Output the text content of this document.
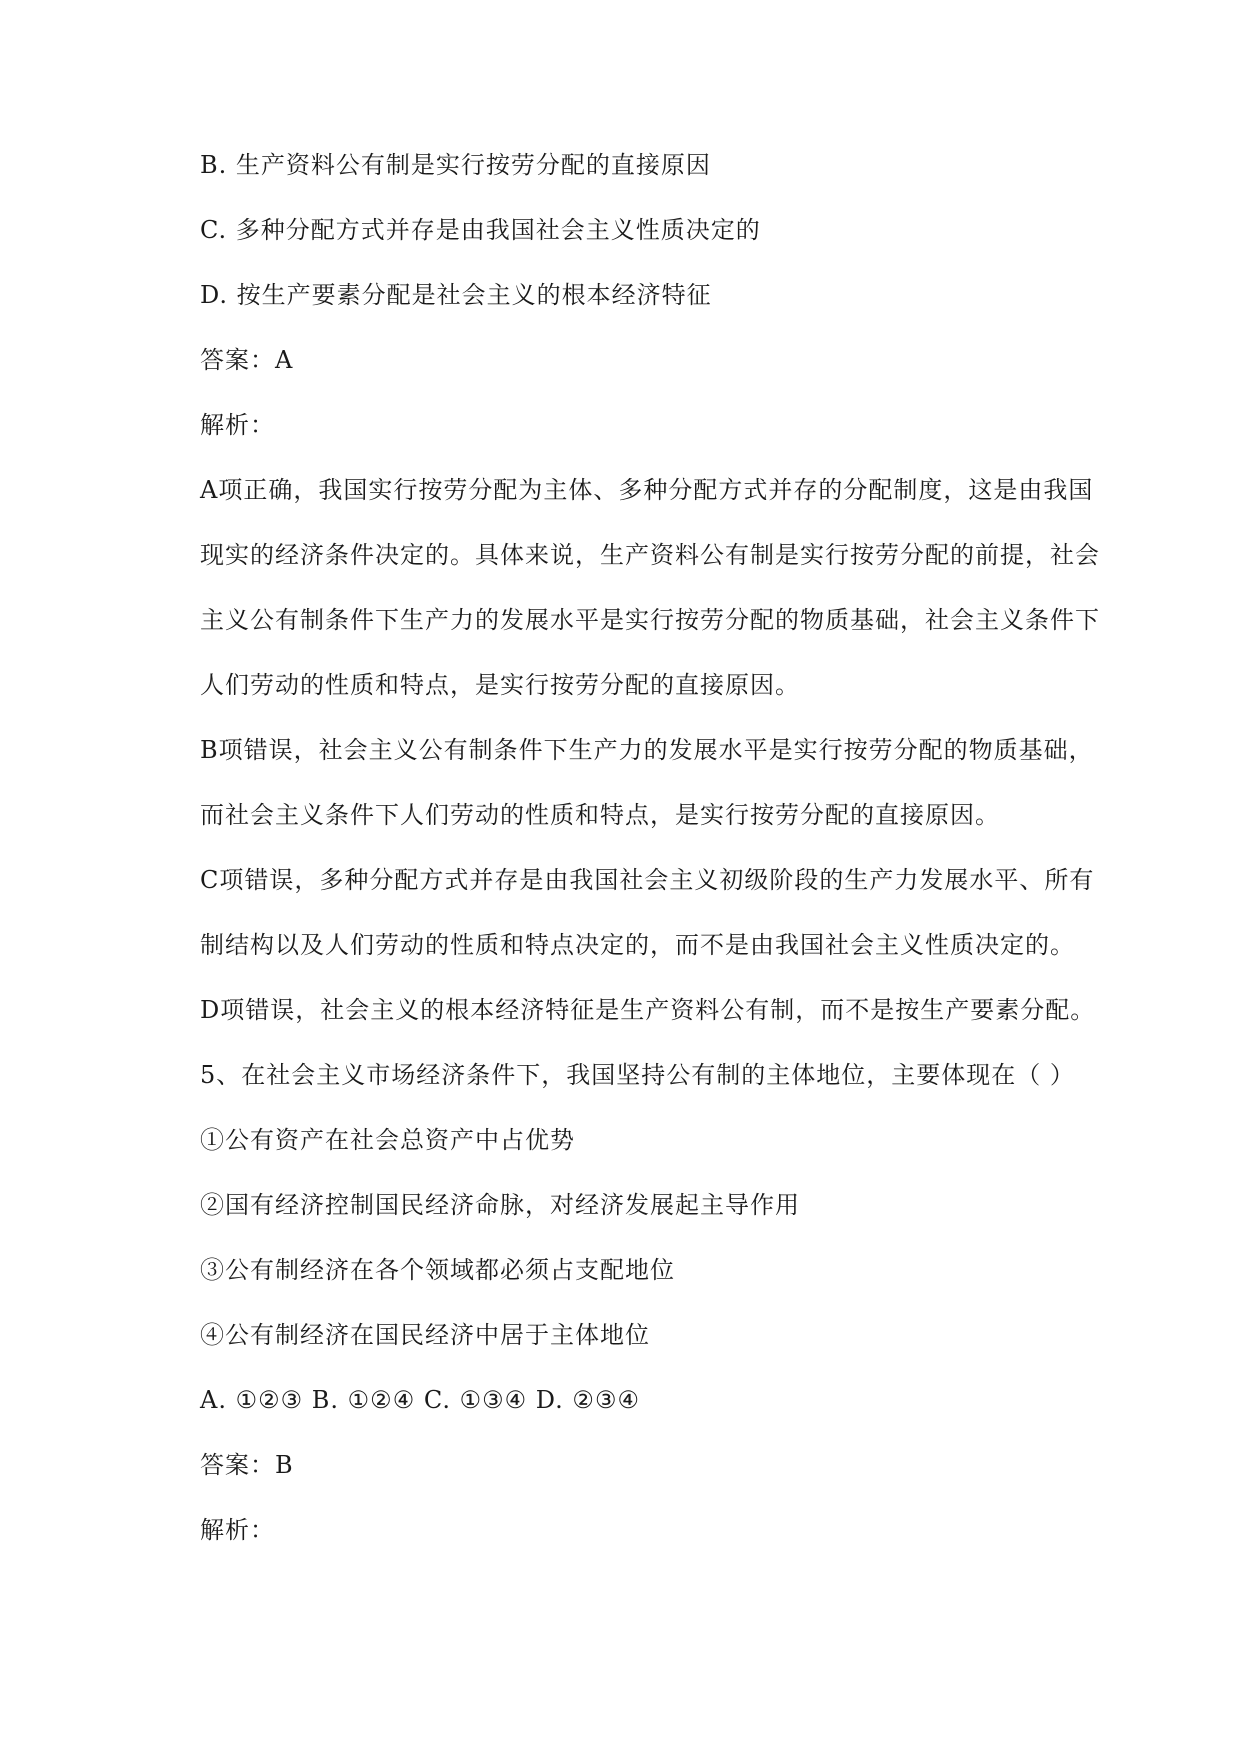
B. 生产资料公有制是实行按劳分配的直接原因
C. 多种分配方式并存是由我国社会主义性质决定的
D. 按生产要素分配是社会主义的根本经济特征
答案：A
解析：
A项正确，我国实行按劳分配为主体、多种分配方式并存的分配制度，这是由我国
现实的经济条件决定的。具体来说，生产资料公有制是实行按劳分配的前提，社会
主义公有制条件下生产力的发展水平是实行按劳分配的物质基础，社会主义条件下
人们劳动的性质和特点，是实行按劳分配的直接原因。
B项错误，社会主义公有制条件下生产力的发展水平是实行按劳分配的物质基础，
而社会主义条件下人们劳动的性质和特点，是实行按劳分配的直接原因。
C项错误，多种分配方式并存是由我国社会主义初级阶段的生产力发展水平、所有
制结构以及人们劳动的性质和特点决定的，而不是由我国社会主义性质决定的。
D项错误，社会主义的根本经济特征是生产资料公有制，而不是按生产要素分配。
5、在社会主义市场经济条件下，我国坚持公有制的主体地位，主要体现在（ ）
①公有资产在社会总资产中占优势
②国有经济控制国民经济命脉，对经济发展起主导作用
③公有制经济在各个领域都必须占支配地位
④公有制经济在国民经济中居于主体地位
A. ①②③ B. ①②④ C. ①③④ D. ②③④
答案：B
解析：
